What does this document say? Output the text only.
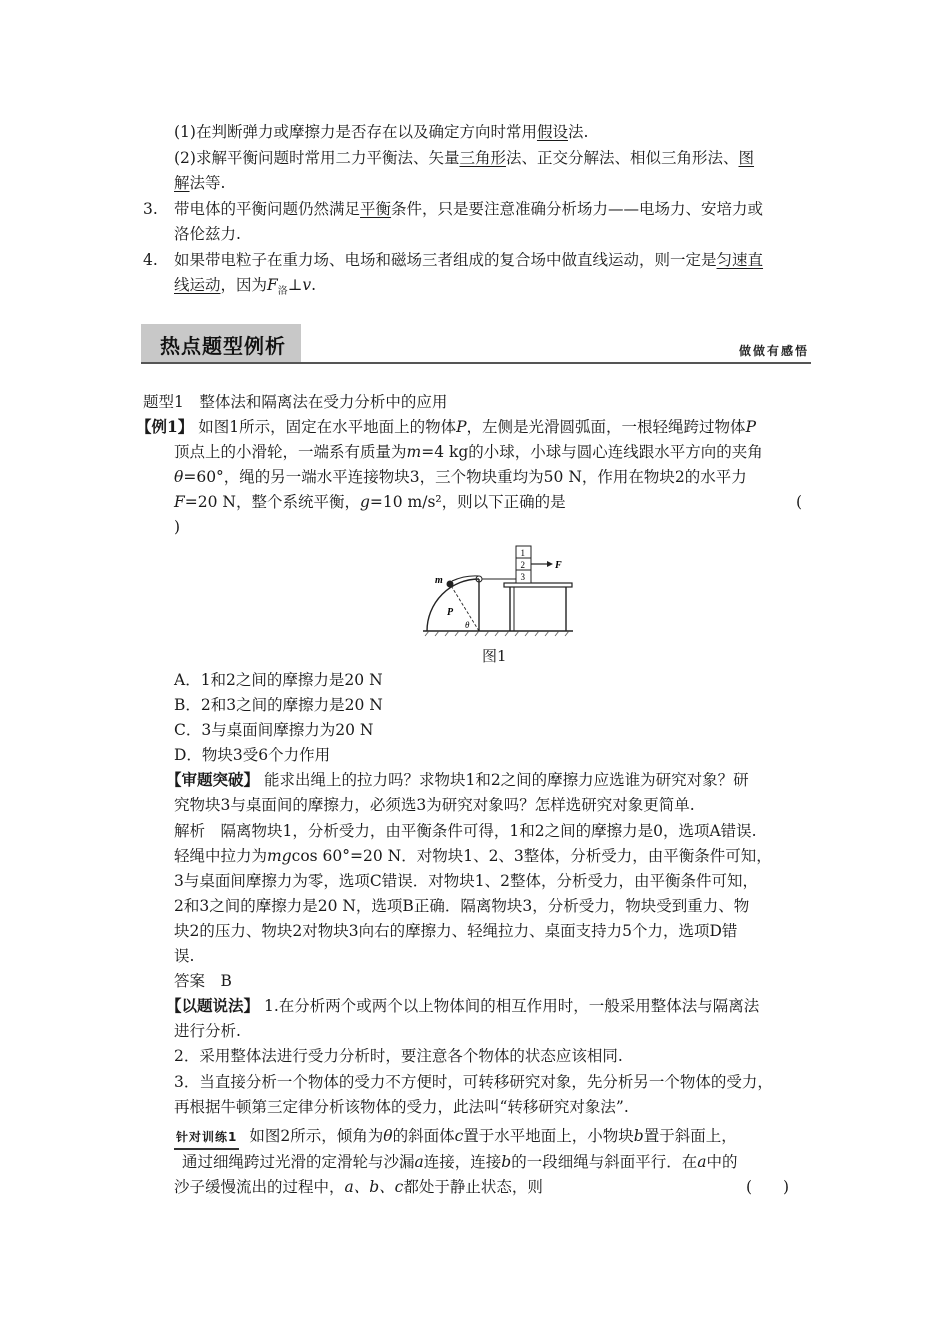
(1)在判断弹力或摩擦力是否存在以及确定方向时常用假设法.
(2)求解平衡问题时常用二力平衡法、矢量三角形法、正交分解法、相似三角形法、图
解法等.
3. 带电体的平衡问题仍然满足平衡条件，只是要注意准确分析场力——电场力、安培力或
洛伦兹力.
4. 如果带电粒子在重力场、电场和磁场三者组成的复合场中做直线运动，则一定是匀速直
线运动，因为$F_洛\perp v$.
热点题型例析	做做有感悟
题型1　整体法和隔离法在受力分析中的应用
【例1】 如图1所示，固定在水平地面上的物体P，左侧是光滑圆弧面，一根轻绳跨过物体P
顶点上的小滑轮，一端系有质量为m=4 kg的小球，小球与圆心连线跟水平方向的夹角
θ=60°，绳的另一端水平连接物块3，三个物块重均为50 N，作用在物块2的水平力
F=20 N，整个系统平衡，g=10 m/s²，则以下正确的是	(
)
m
P
θ
1
2
3
F
图1
A．1和2之间的摩擦力是20 N
B．2和3之间的摩擦力是20 N
C．3与桌面间摩擦力为20 N
D．物块3受6个力作用
【审题突破】 能求出绳上的拉力吗？求物块1和2之间的摩擦力应选谁为研究对象？研
究物块3与桌面间的摩擦力，必须选3为研究对象吗？怎样选研究对象更简单.
解析　隔离物块1，分析受力，由平衡条件可得，1和2之间的摩擦力是0，选项A错误.
轻绳中拉力为mgcos 60°=20 N．对物块1、2、3整体，分析受力，由平衡条件可知，
3与桌面间摩擦力为零，选项C错误．对物块1、2整体，分析受力，由平衡条件可知，
2和3之间的摩擦力是20 N，选项B正确．隔离物块3，分析受力，物块受到重力、物
块2的压力、物块2对物块3向右的摩擦力、轻绳拉力、桌面支持力5个力，选项D错
误.
答案　B
【以题说法】 1.在分析两个或两个以上物体间的相互作用时，一般采用整体法与隔离法
进行分析.
2．采用整体法进行受力分析时，要注意各个物体的状态应该相同.
3．当直接分析一个物体的受力不方便时，可转移研究对象，先分析另一个物体的受力，
再根据牛顿第三定律分析该物体的受力，此法叫“转移研究对象法”.
针对训练1 如图2所示，倾角为θ的斜面体c置于水平地面上，小物块b置于斜面上，
通过细绳跨过光滑的定滑轮与沙漏a连接，连接b的一段细绳与斜面平行．在a中的
沙子缓慢流出的过程中，a、b、c都处于静止状态，则	(　　)
